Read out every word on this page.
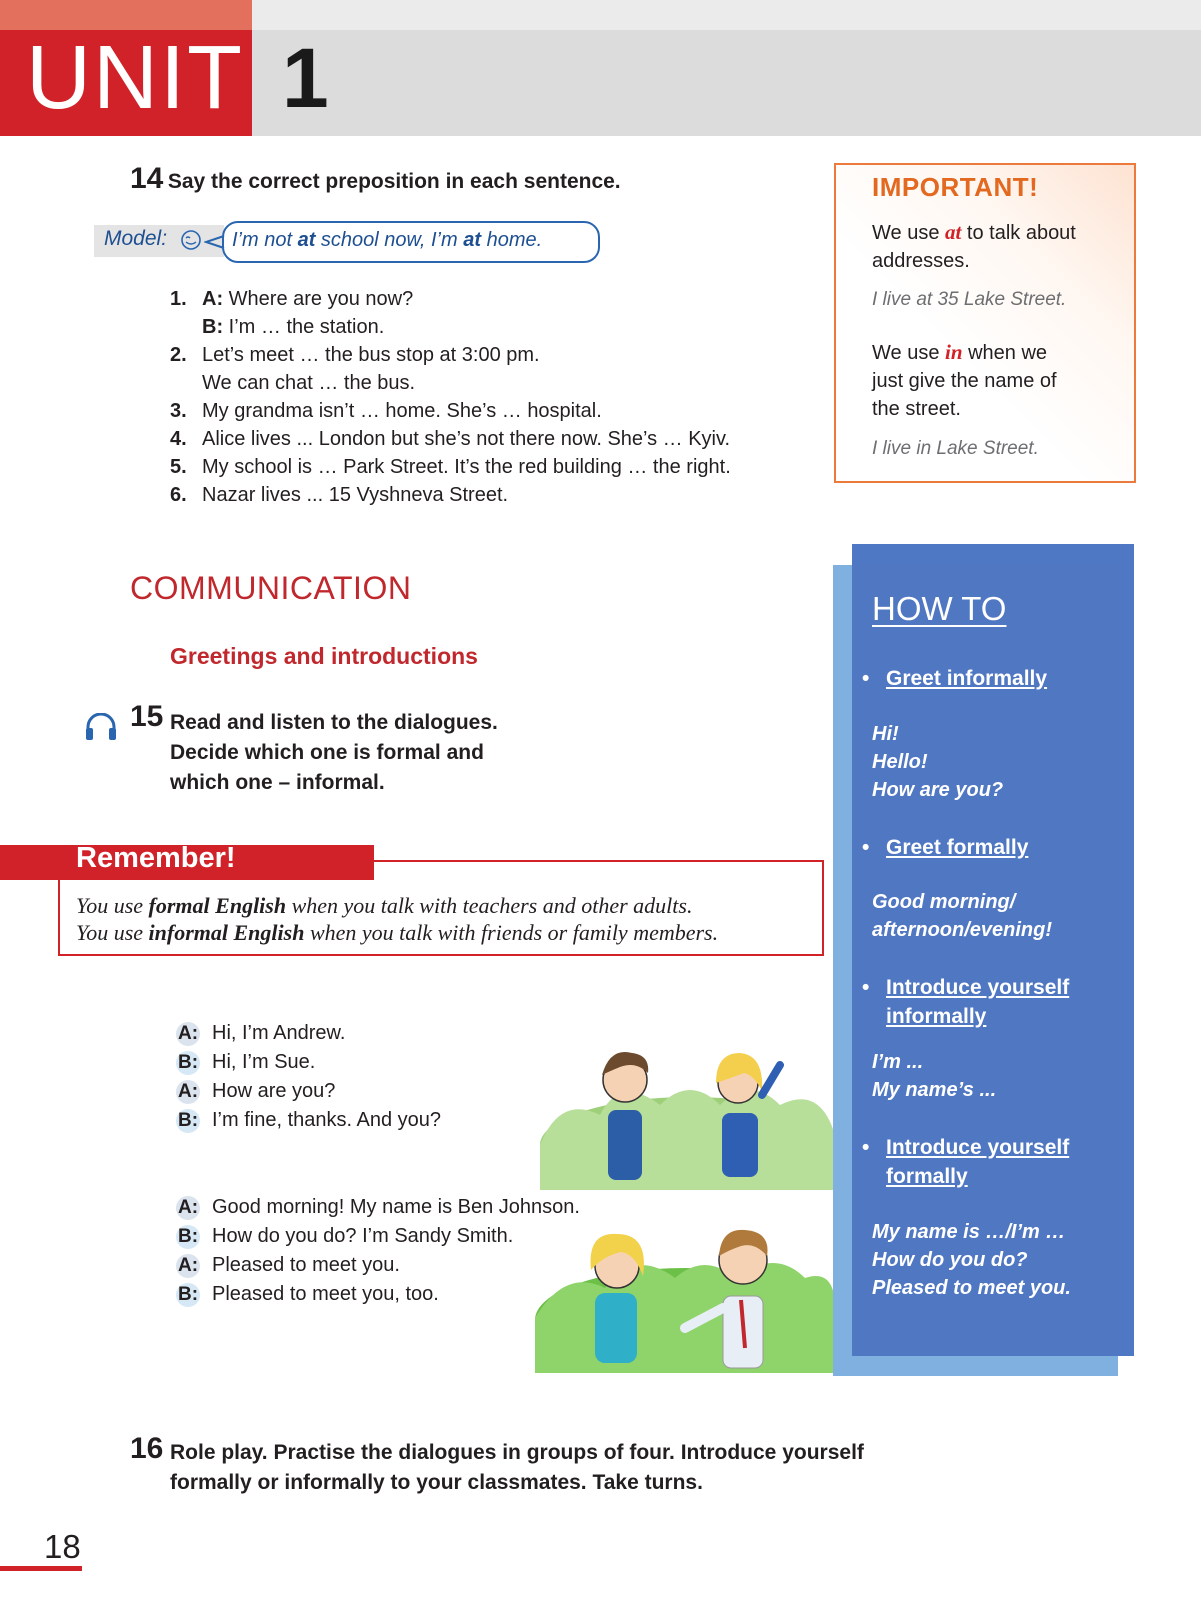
UNIT 1
14 Say the correct preposition in each sentence.
Model:	I’m not at school now, I’m at home.
1. A: Where are you now?
B: I’m … the station.
2. Let’s meet … the bus stop at 3:00 pm.
We can chat … the bus.
3. My grandma isn’t … home. She’s … hospital.
4. Alice lives ... London but she’s not there now. She’s … Kyiv.
5. My school is … Park Street. It’s the red building … the right.
6. Nazar lives ... 15 Vyshneva Street.
IMPORTANT!
We use at to talk about
addresses.
I live at 35 Lake Street.
We use in when we
just give the name of
the street.
I live in Lake Street.
COMMUNICATION
Greetings and introductions
15 Read and listen to the dialogues.
Decide which one is formal and
which one – informal.
Remember!
You use formal English when you talk with teachers and other adults.
You use informal English when you talk with friends or family members.
A: Hi, I’m Andrew.
B: Hi, I’m Sue.
A: How are you?
B: I’m fine, thanks. And you?
A: Good morning! My name is Ben Johnson.
B: How do you do? I’m Sandy Smith.
A: Pleased to meet you.
B: Pleased to meet you, too.
HOW TO
• Greet informally
Hi!
Hello!
How are you?
• Greet formally
Good morning/
afternoon/evening!
• Introduce yourself
informally
I’m ...
My name’s ...
• Introduce yourself
formally
My name is …/I’m …
How do you do?
Pleased to meet you.
16 Role play. Practise the dialogues in groups of four. Introduce yourself
formally or informally to your classmates. Take turns.
18
